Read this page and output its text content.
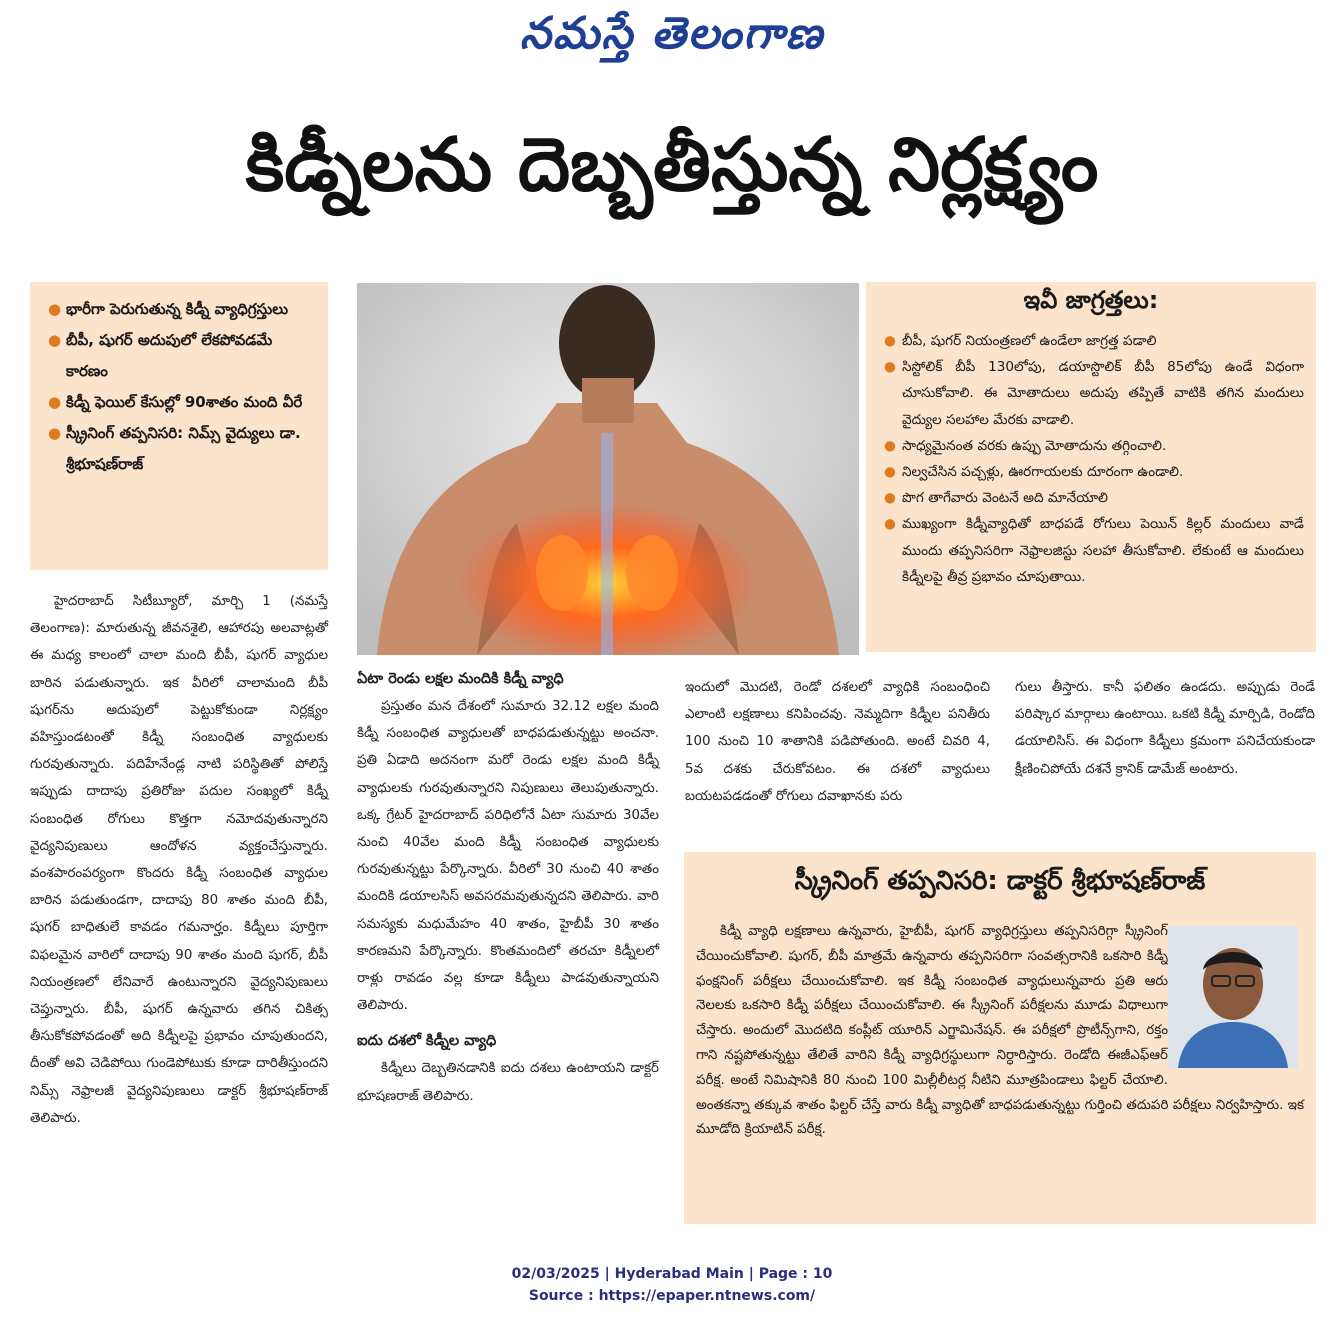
నమస్తే తెలంగాణ
కిడ్నీలను దెబ్బతీస్తున్న నిర్లక్ష్యం
● భారీగా పెరుగుతున్న కిడ్నీ వ్యాధిగ్రస్తులు
● బీపీ, షుగర్ అదుపులో లేకపోవడమే కారణం
● కిడ్నీ ఫెయిల్ కేసుల్లో 90శాతం మంది వీరే
● స్క్రీనింగ్ తప్పనిసరి: నిమ్స్ వైద్యులు డా. శ్రీభూషణ్‌రాజ్

హైదరాబాద్ సిటీబ్యూరో, మార్చి 1 (నమస్తే తెలంగాణ): మారుతున్న జీవనశైలి, ఆహారపు అలవాట్లతో ఈ మధ్య కాలంలో చాలా మంది బీపీ, షుగర్ వ్యాధుల బారిన పడుతున్నారు. ఇక వీరిలో చాలామంది బీపీ షుగర్‌ను అదుపులో పెట్టుకోకుండా నిర్లక్ష్యం వహిస్తుండటంతో కిడ్నీ సంబంధిత వ్యాధులకు గురవుతున్నారు. పదిహేనేండ్ల నాటి పరిస్థితితో పోలిస్తే ఇప్పుడు దాదాపు ప్రతిరోజు పదుల సంఖ్యలో కిడ్నీ సంబంధిత రోగులు కొత్తగా నమోదవుతున్నారని వైద్యనిపుణులు ఆందోళన వ్యక్తంచేస్తున్నారు. వంశపారంపర్యంగా కొందరు కిడ్నీ సంబంధిత వ్యాధుల బారిన పడుతుండగా, దాదాపు 80 శాతం మంది బీపీ, షుగర్ బాధితులే కావడం గమనార్హం. కిడ్నీలు పూర్తిగా విఫలమైన వారిలో దాదాపు 90 శాతం మంది షుగర్, బీపీ నియంత్రణలో లేనివారే ఉంటున్నారని వైద్యనిపుణులు చెప్తున్నారు. బీపీ, షుగర్ ఉన్నవారు తగిన చికిత్స తీసుకోకపోవడంతో అది కిడ్నీలపై ప్రభావం చూపుతుందని, దీంతో అవి చెడిపోయి గుండెపోటుకు కూడా దారితీస్తుందని నిమ్స్ నెఫ్రాలజీ వైద్యనిపుణులు డాక్టర్ శ్రీభూషణ్‌రాజ్ తెలిపారు.

ఏటా రెండు లక్షల మందికి కిడ్నీ వ్యాధి

ప్రస్తుతం మన దేశంలో సుమారు 32.12 లక్షల మంది కిడ్నీ సంబంధిత వ్యాధులతో బాధపడుతున్నట్టు అంచనా. ప్రతి ఏడాది అదనంగా మరో రెండు లక్షల మంది కిడ్నీ వ్యాధులకు గురవుతున్నారని నిపుణులు తెలుపుతున్నారు. ఒక్క గ్రేటర్ హైదరాబాద్ పరిధిలోనే ఏటా సుమారు 30వేల నుంచి 40వేల మంది కిడ్నీ సంబంధిత వ్యాధులకు గురవుతున్నట్టు పేర్కొన్నారు. వీరిలో 30 నుంచి 40 శాతం మందికి డయాలసిస్ అవసరమవుతున్నదని తెలిపారు. వారి సమస్యకు మధుమేహం 40 శాతం, హైబీపీ 30 శాతం కారణమని పేర్కొన్నారు. కొంతమందిలో తరచూ కిడ్నీలలో రాళ్లు రావడం వల్ల కూడా కిడ్నీలు పాడవుతున్నాయని తెలిపారు.

ఐదు దశలో కిడ్నీల వ్యాధి

కిడ్నీలు దెబ్బతినడానికి ఐదు దశలు ఉంటాయని డాక్టర్ భూషణరాజ్ తెలిపారు.

ఇవీ జాగ్రత్తలు:
● బీపీ, షుగర్ నియంత్రణలో ఉండేలా జాగ్రత్త పడాలి
● సిస్టోలిక్ బీపీ 130లోపు, డయాస్టొలిక్ బీపీ 85లోపు ఉండే విధంగా చూసుకోవాలి. ఈ మోతాదులు అదుపు తప్పితే వాటికి తగిన మందులు వైద్యుల సలహాల మేరకు వాడాలి.
● సాధ్యమైనంత వరకు ఉప్పు మోతాదును తగ్గించాలి.
● నిల్వచేసిన పచ్చళ్లు, ఊరగాయలకు దూరంగా ఉండాలి.
● పొగ తాగేవారు వెంటనే అది మానేయాలి
● ముఖ్యంగా కిడ్నీవ్యాధితో బాధపడే రోగులు పెయిన్ కిల్లర్ మందులు వాడే ముందు తప్పనిసరిగా నెఫ్రాలజిస్టు సలహా తీసుకోవాలి. లేకుంటే ఆ మందులు కిడ్నీలపై తీవ్ర ప్రభావం చూపుతాయి.

ఇందులో మొదటి, రెండో దశలలో వ్యాధికి సంబంధించి ఎలాంటి లక్షణాలు కనిపించవు. నెమ్మదిగా కిడ్నీల పనితీరు 100 నుంచి 10 శాతానికి పడిపోతుంది. అంటే చివరి 4, 5వ దశకు చేరుకోవటం. ఈ దశలో వ్యాధులు బయటపడడంతో రోగులు దవాఖానకు పరు

గులు తీస్తారు. కానీ ఫలితం ఉండదు. అప్పుడు రెండే పరిష్కార మార్గాలు ఉంటాయి. ఒకటి కిడ్నీ మార్పిడి, రెండోది డయాలిసిస్. ఈ విధంగా కిడ్నీలు క్రమంగా పనిచేయకుండా క్షీణించిపోయే దశనే క్రానిక్ డామేజ్ అంటారు.

స్క్రీనింగ్ తప్పనిసరి: డాక్టర్ శ్రీభూషణ్‌రాజ్

కిడ్నీ వ్యాధి లక్షణాలు ఉన్నవారు, హైబీపీ, షుగర్ వ్యాధిగ్రస్తులు తప్పనిసరిగ్గా స్క్రీనింగ్ చేయించుకోవాలి. షుగర్, బీపీ మాత్రమే ఉన్నవారు తప్పనిసరిగా సంవత్సరానికి ఒకసారి కిడ్నీ ఫంక్షనింగ్ పరీక్షలు చేయించుకోవాలి. ఇక కిడ్నీ సంబంధిత వ్యాధులున్నవారు ప్రతి ఆరు నెలలకు ఒకసారి కిడ్నీ పరీక్షలు చేయించుకోవాలి. ఈ స్క్రీనింగ్ పరీక్షలను మూడు విధాలుగా చేస్తారు. అందులో మొదటిది కంప్లీట్ యూరిన్ ఎగ్జామినేషన్. ఈ పరీక్షలో ప్రొటీన్స్‌గాని, రక్తం గాని నష్టపోతున్నట్టు తేలితే వారిని కిడ్నీ వ్యాధిగ్రస్థులుగా నిర్ధారిస్తారు. రెండోది ఈజీఎఫ్‌ఆర్ పరీక్ష. అంటే నిమిషానికి 80 నుంచి 100 మిల్లీలీటర్ల నీటిని మూత్రపిండాలు ఫిల్టర్ చేయాలి. అంతకన్నా తక్కువ శాతం ఫిల్టర్ చేస్తే వారు కిడ్నీ వ్యాధితో బాధపడుతున్నట్టు గుర్తించి తదుపరి పరీక్షలు నిర్వహిస్తారు. ఇక మూడోది క్రియాటిన్ పరీక్ష.

02/03/2025 | Hyderabad Main | Page : 10
Source : https://epaper.ntnews.com/
